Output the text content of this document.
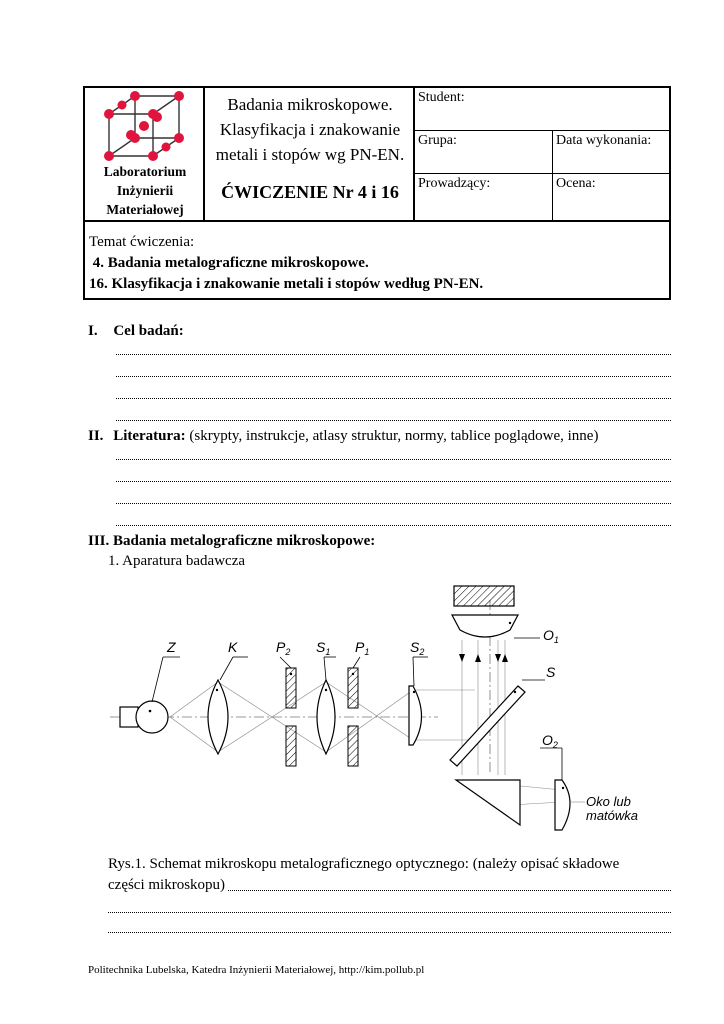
Laboratorium
Inżynierii
Materiałowej
Badania mikroskopowe.
Klasyfikacja i znakowanie
metali i stopów wg PN-EN.
ĆWICZENIE Nr 4 i 16
Student:
Grupa:	Data wykonania:
Prowadzący:	Ocena:
Temat ćwiczenia:
4. Badania metalograficzne mikroskopowe.
16. Klasyfikacja i znakowanie metali i stopów według PN-EN.
I. Cel badań:
II. Literatura: (skrypty, instrukcje, atlasy struktur, normy, tablice poglądowe, inne)
III. Badania metalograficzne mikroskopowe:
1. Aparatura badawcza
Z	K	$P_2$ $S_1$ $P_1$	$S_2$
$O_1$
S
$O_2$
Oko lub
matówka
Rys.1. Schemat mikroskopu metalograficznego optycznego: (należy opisać składowe
części mikroskopu)
Politechnika Lubelska, Katedra Inżynierii Materiałowej, http://kim.pollub.pl
